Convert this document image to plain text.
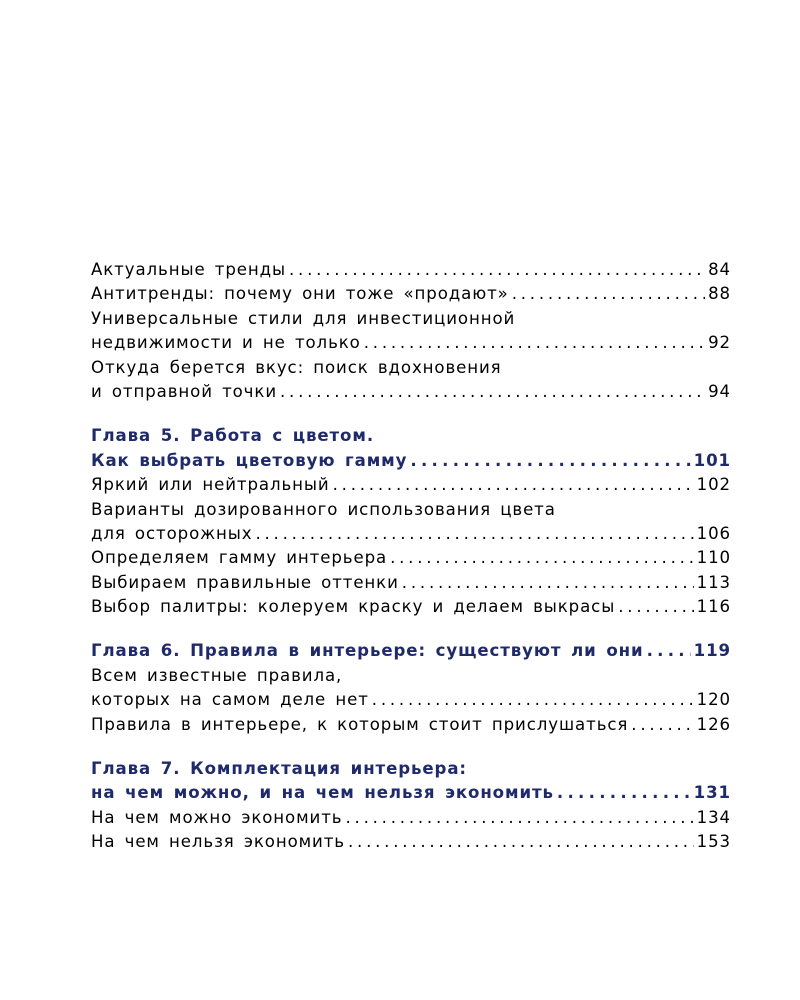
Актуальные тренды . . .	84
Антитренды: почему они тоже «продают» . . .	88
Универсальные стили для инвестиционной
недвижимости и не только . . .	92
Откуда берется вкус: поиск вдохновения
и отправной точки . . .	94
Глава 5. Работа с цветом.
Как выбрать цветовую гамму . . .	101
Яркий или нейтральный . . .	102
Варианты дозированного использования цвета
для осторожных . . .	106
Определяем гамму интерьера . . .	110
Выбираем правильные оттенки . . .	113
Выбор палитры: колеруем краску и делаем выкрасы . . .	116
Глава 6. Правила в интерьере: существуют ли они . . .	119
Всем известные правила,
которых на самом деле нет . . .	120
Правила в интерьере, к которым стоит прислушаться . . .	126
Глава 7. Комплектация интерьера:
на чем можно, и на чем нельзя экономить . . .	131
На чем можно экономить . . .	134
На чем нельзя экономить . . .	153
